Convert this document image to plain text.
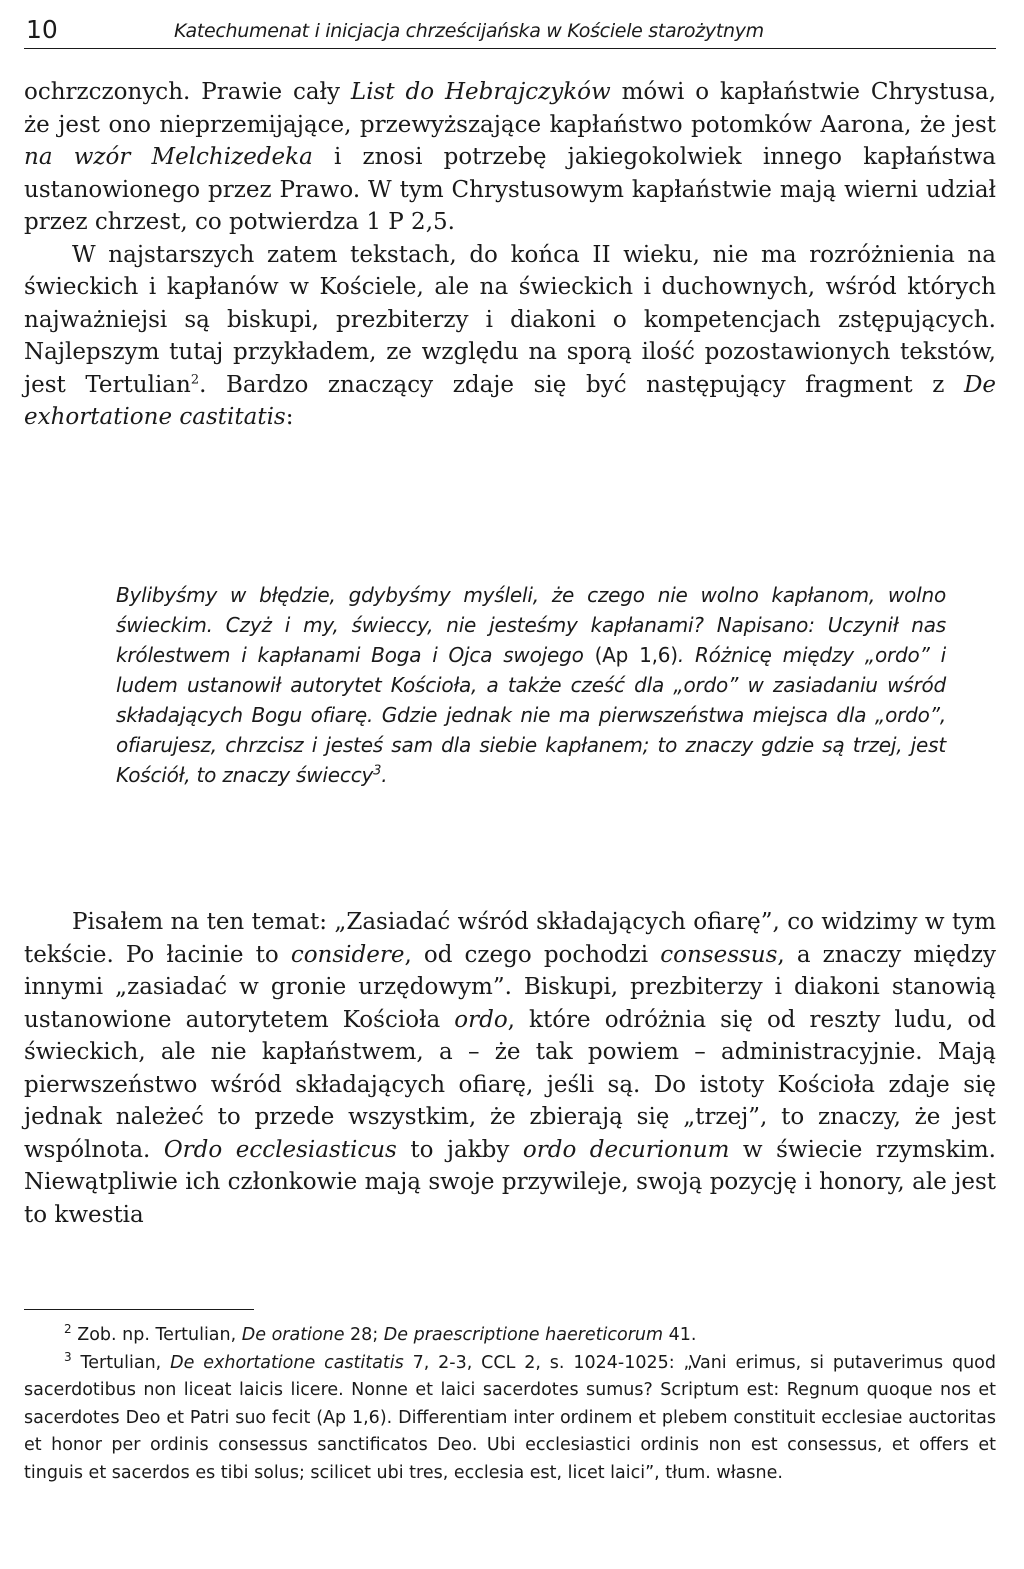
10	Katechumenat i inicjacja chrześcijańska w Kościele starożytnym

ochrzczonych. Prawie cały List do Hebrajczyków mówi o kapłaństwie Chrystusa, że jest ono nieprzemijające, przewyższające kapłaństwo potomków Aarona, że jest na wzór Melchizedeka i znosi potrzebę jakiegokolwiek innego kapłaństwa ustanowionego przez Prawo. W tym Chrystusowym kapłaństwie mają wierni udział przez chrzest, co potwierdza 1 P 2,5.

W najstarszych zatem tekstach, do końca II wieku, nie ma rozróżnienia na świeckich i kapłanów w Kościele, ale na świeckich i duchownych, wśród których najważniejsi są biskupi, prezbiterzy i diakoni o kompetencjach zstępujących. Najlepszym tutaj przykładem, ze względu na sporą ilość pozostawionych tekstów, jest Tertulian$^2$. Bardzo znaczący zdaje się być następujący fragment z De exhortatione castitatis:

Bylibyśmy w błędzie, gdybyśmy myśleli, że czego nie wolno kapłanom, wolno świeckim. Czyż i my, świeccy, nie jesteśmy kapłanami? Napisano: Uczynił nas królestwem i kapłanami Boga i Ojca swojego (Ap 1,6). Różnicę między „ordo” i ludem ustanowił autorytet Kościoła, a także cześć dla „ordo” w zasiadaniu wśród składających Bogu ofiarę. Gdzie jednak nie ma pierwszeństwa miejsca dla „ordo”, ofiarujesz, chrzcisz i jesteś sam dla siebie kapłanem; to znaczy gdzie są trzej, jest Kościół, to znaczy świeccy$^3$.

Pisałem na ten temat: „Zasiadać wśród składających ofiarę”, co widzimy w tym tekście. Po łacinie to considere, od czego pochodzi consessus, a znaczy między innymi „zasiadać w gronie urzędowym”. Biskupi, prezbiterzy i diakoni stanowią ustanowione autorytetem Kościoła ordo, które odróżnia się od reszty ludu, od świeckich, ale nie kapłaństwem, a – że tak powiem – administracyjnie. Mają pierwszeństwo wśród składających ofiarę, jeśli są. Do istoty Kościoła zdaje się jednak należeć to przede wszystkim, że zbierają się „trzej”, to znaczy, że jest wspólnota. Ordo ecclesiasticus to jakby ordo decurionum w świecie rzymskim. Niewątpliwie ich członkowie mają swoje przywileje, swoją pozycję i honory, ale jest to kwestia

$^2$ Zob. np. Tertulian, De oratione 28; De praescriptione haereticorum 41.

$^3$ Tertulian, De exhortatione castitatis 7, 2-3, CCL 2, s. 1024-1025: „Vani erimus, si putaverimus quod sacerdotibus non liceat laicis licere. Nonne et laici sacerdotes sumus? Scriptum est: Regnum quoque nos et sacerdotes Deo et Patri suo fecit (Ap 1,6). Differentiam inter ordinem et plebem constituit ecclesiae auctoritas et honor per ordinis consessus sanctificatos Deo. Ubi ecclesiastici ordinis non est consessus, et offers et tinguis et sacerdos es tibi solus; scilicet ubi tres, ecclesia est, licet laici”, tłum. własne.
